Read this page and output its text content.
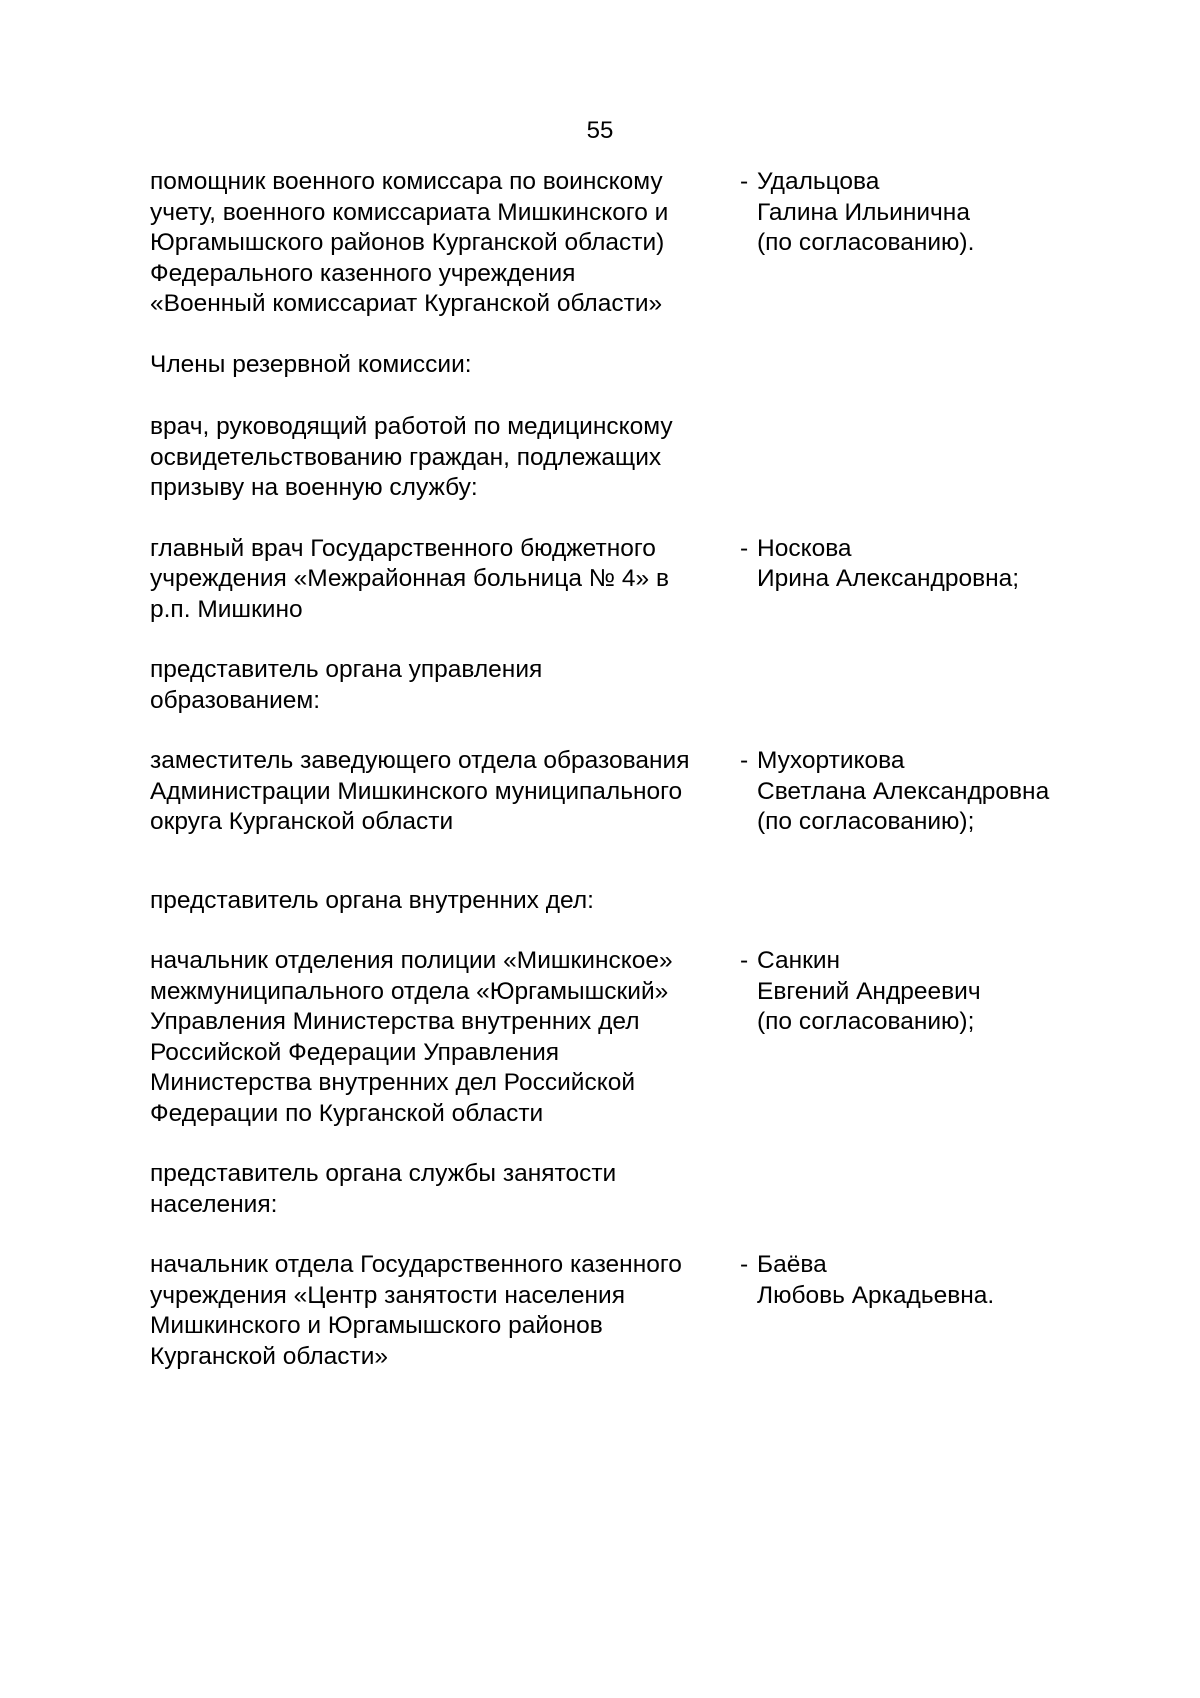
55
помощник военного комиссара по воинскому
учету, военного комиссариата Мишкинского и
Юргамышского районов Курганской области)
Федерального казенного учреждения
«Военный комиссариат Курганской области»
- Удальцова
Галина Ильинична
(по согласованию).
Члены резервной комиссии:
врач, руководящий работой по медицинскому
освидетельствованию граждан, подлежащих
призыву на военную службу:
главный врач Государственного бюджетного
учреждения «Межрайонная больница № 4» в
р.п. Мишкино
- Носкова
Ирина Александровна;
представитель органа управления
образованием:
заместитель заведующего отдела образования
Администрации Мишкинского муниципального
округа Курганской области
- Мухортикова
Светлана Александровна
(по согласованию);
представитель органа внутренних дел:
начальник отделения полиции «Мишкинское»
межмуниципального отдела «Юргамышский»
Управления Министерства внутренних дел
Российской Федерации Управления
Министерства внутренних дел Российской
Федерации по Курганской области
- Санкин
Евгений Андреевич
(по согласованию);
представитель органа службы занятости
населения:
начальник отдела Государственного казенного
учреждения «Центр занятости населения
Мишкинского и Юргамышского районов
Курганской области»
- Баёва
Любовь Аркадьевна.
